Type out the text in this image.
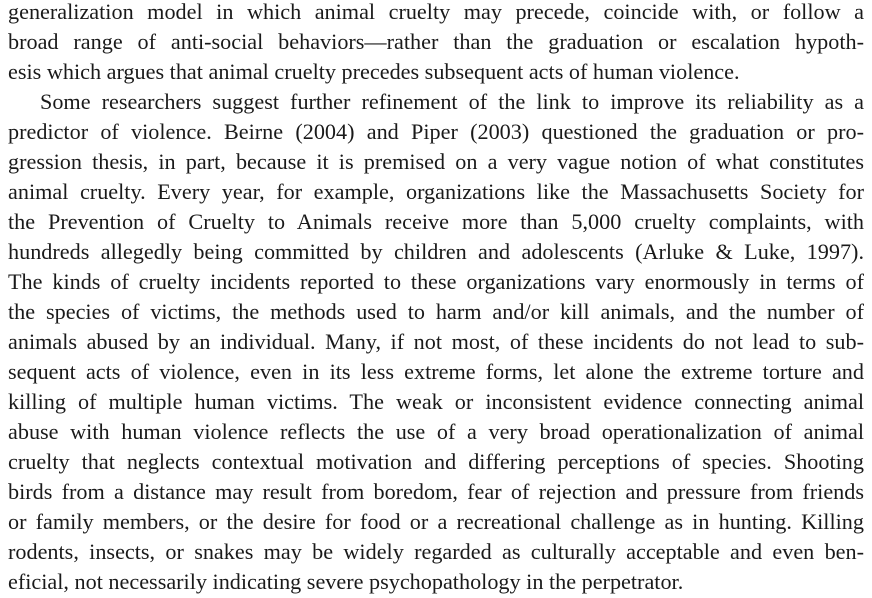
generalization model in which animal cruelty may precede, coincide with, or follow a
broad range of anti-social behaviors—rather than the graduation or escalation hypoth-
esis which argues that animal cruelty precedes subsequent acts of human violence.
Some researchers suggest further refinement of the link to improve its reliability as a
predictor of violence. Beirne (2004) and Piper (2003) questioned the graduation or pro-
gression thesis, in part, because it is premised on a very vague notion of what constitutes
animal cruelty. Every year, for example, organizations like the Massachusetts Society for
the Prevention of Cruelty to Animals receive more than 5,000 cruelty complaints, with
hundreds allegedly being committed by children and adolescents (Arluke & Luke, 1997).
The kinds of cruelty incidents reported to these organizations vary enormously in terms of
the species of victims, the methods used to harm and/or kill animals, and the number of
animals abused by an individual. Many, if not most, of these incidents do not lead to sub-
sequent acts of violence, even in its less extreme forms, let alone the extreme torture and
killing of multiple human victims. The weak or inconsistent evidence connecting animal
abuse with human violence reflects the use of a very broad operationalization of animal
cruelty that neglects contextual motivation and differing perceptions of species. Shooting
birds from a distance may result from boredom, fear of rejection and pressure from friends
or family members, or the desire for food or a recreational challenge as in hunting. Killing
rodents, insects, or snakes may be widely regarded as culturally acceptable and even ben-
eficial, not necessarily indicating severe psychopathology in the perpetrator.
